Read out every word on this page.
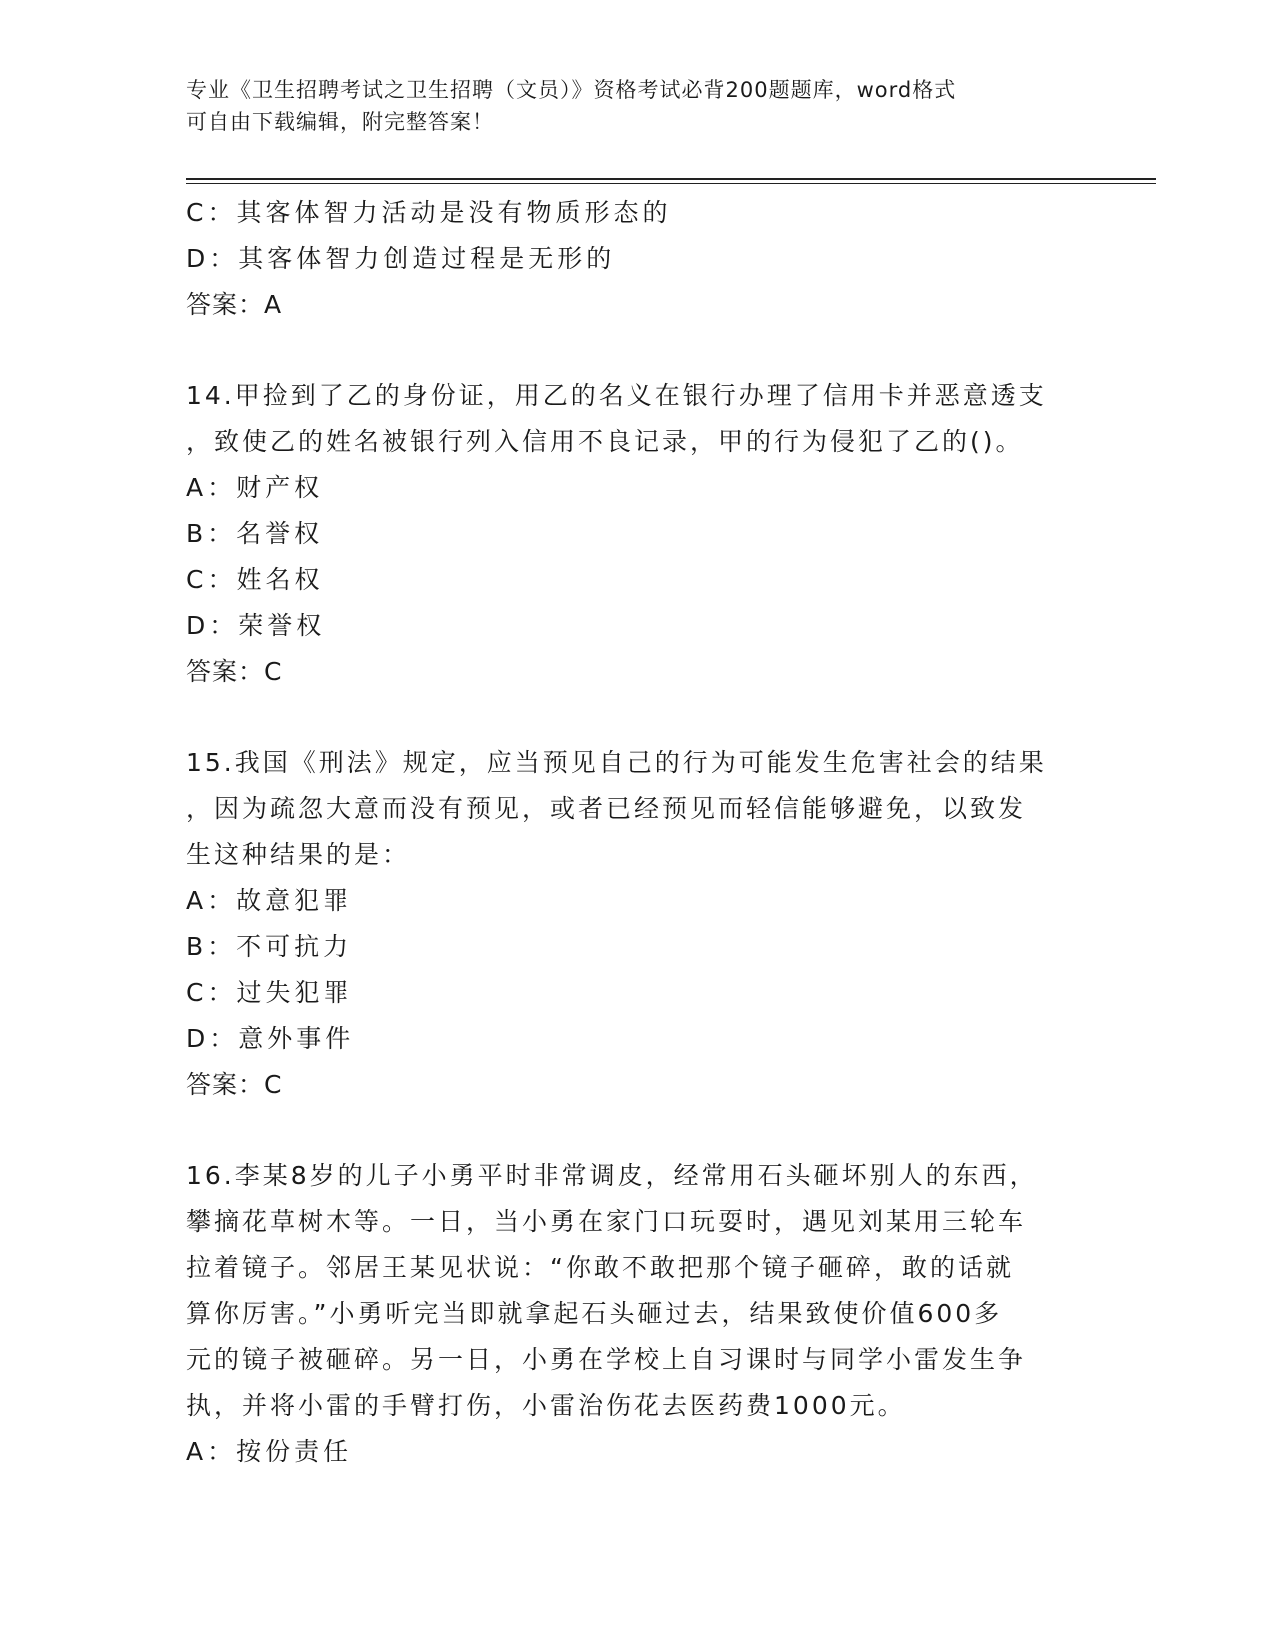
专业《卫生招聘考试之卫生招聘（文员）》资格考试必背200题题库，word格式
可自由下载编辑，附完整答案！
C：其客体智力活动是没有物质形态的
D：其客体智力创造过程是无形的
答案：A
14.甲捡到了乙的身份证，用乙的名义在银行办理了信用卡并恶意透支
，致使乙的姓名被银行列入信用不良记录，甲的行为侵犯了乙的()。
A：财产权
B：名誉权
C：姓名权
D：荣誉权
答案：C
15.我国《刑法》规定，应当预见自己的行为可能发生危害社会的结果
，因为疏忽大意而没有预见，或者已经预见而轻信能够避免，以致发
生这种结果的是：
A：故意犯罪
B：不可抗力
C：过失犯罪
D：意外事件
答案：C
16.李某8岁的儿子小勇平时非常调皮，经常用石头砸坏别人的东西，
攀摘花草树木等。一日，当小勇在家门口玩耍时，遇见刘某用三轮车
拉着镜子。邻居王某见状说：“你敢不敢把那个镜子砸碎，敢的话就
算你厉害。”小勇听完当即就拿起石头砸过去，结果致使价值600多
元的镜子被砸碎。另一日，小勇在学校上自习课时与同学小雷发生争
执，并将小雷的手臂打伤，小雷治伤花去医药费1000元。
A：按份责任
